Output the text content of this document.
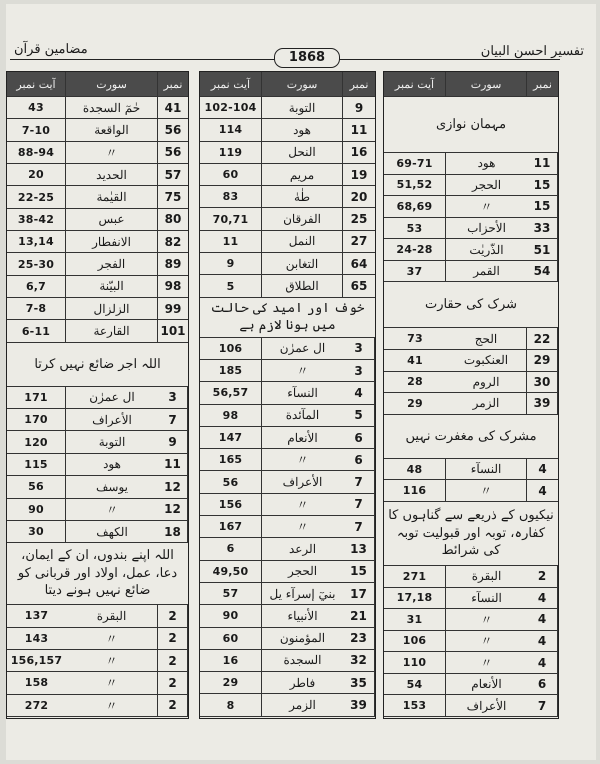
مضامین قرآن
1868	تفسیر احسن البیان
آیت نمبر	سورت	نمبر
43	حٰمٓ السجدة	41
7-10	الواقعة	56
88-94	〃	56
20	الحديد	57
22-25	القيٰمة	75
38-42	عبس	80
13,14	الانفطار	82
25-30	الفجر	89
6,7	البيّنة	98
7-8	الزلزال	99
6-11	القارعة	101
اللہ اجر ضائع نہیں کرتا
171	ال عمرٰن	3
170	الأعراف	7
120	التوبة	9
115	هود	11
56	يوسف	12
90	〃	12
30	الكهف	18
اللہ اپنے بندوں، ان کے ایمان، دعا، عمل، اولاد اور قربانی کو ضائع نہیں ہونے دیتا
137	البقرة	2
143	〃	2
156,157	〃	2
158	〃	2
272	〃	2
آیت نمبر	سورت	نمبر
102-104	التوبة	9
114	هود	11
119	النحل	16
60	مريم	19
83	طٰهٰ	20
70,71	الفرقان	25
11	النمل	27
9	التغابن	64
5	الطلاق	65
خوف اور امید کی حالت میں ہونا لازم ہے
106	ال عمرٰن	3
185	〃	3
56,57	النسآء	4
98	المآئدة	5
147	الأنعام	6
165	〃	6
56	الأعراف	7
156	〃	7
167	〃	7
6	الرعد	13
49,50	الحجر	15
57	بنيٓ إسرآء يل	17
90	الأنبياء	21
60	المؤمنون	23
16	السجدة	32
29	فاطر	35
8	الزمر	39
آیت نمبر	سورت	نمبر
مہمان نوازی
69-71	هود	11
51,52	الحجر	15
68,69	〃	15
53	الأحزاب	33
24-28	الذّريٰت	51
37	القمر	54
شرک کی حقارت
73	الحج	22
41	العنكبوت	29
28	الروم	30
29	الزمر	39
مشرک کی مغفرت نہیں
48	النسآء	4
116	〃	4
نیکیوں کے ذریعے سے گناہوں کا کفارہ، توبہ اور قبولیت توبہ کی شرائط
271	البقرة	2
17,18	النسآء	4
31	〃	4
106	〃	4
110	〃	4
54	الأنعام	6
153	الأعراف	7
